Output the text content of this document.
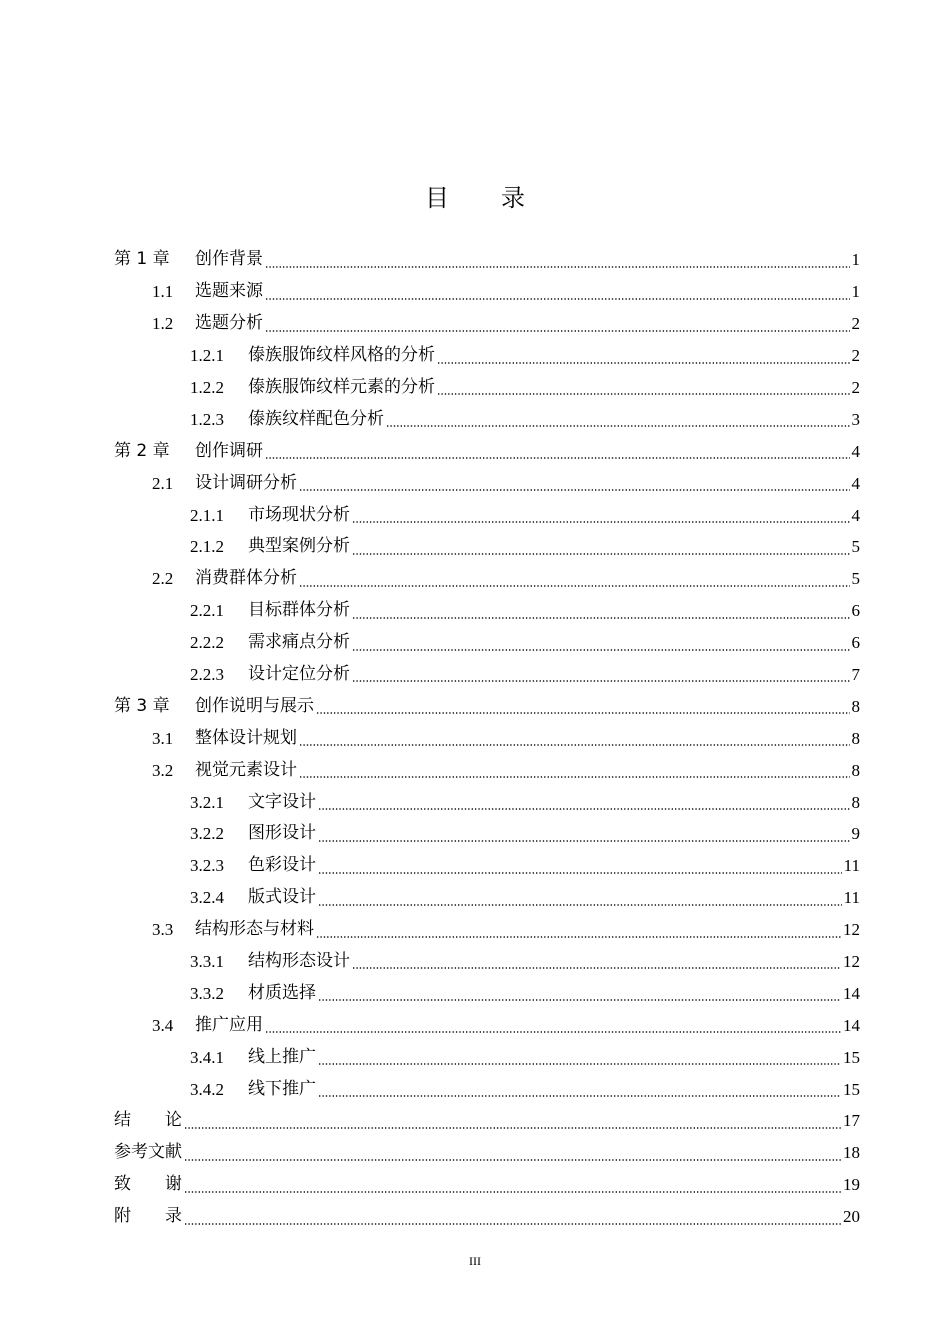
目 录
第 1 章	创作背景	1
1.1	选题来源	1
1.2	选题分析	2
1.2.1	傣族服饰纹样风格的分析	2
1.2.2	傣族服饰纹样元素的分析	2
1.2.3	傣族纹样配色分析	3
第 2 章	创作调研	4
2.1	设计调研分析	4
2.1.1	市场现状分析	4
2.1.2	典型案例分析	5
2.2	消费群体分析	5
2.2.1	目标群体分析	6
2.2.2	需求痛点分析	6
2.2.3	设计定位分析	7
第 3 章	创作说明与展示	8
3.1	整体设计规划	8
3.2	视觉元素设计	8
3.2.1	文字设计	8
3.2.2	图形设计	9
3.2.3	色彩设计	11
3.2.4	版式设计	11
3.3	结构形态与材料	12
3.3.1	结构形态设计	12
3.3.2	材质选择	14
3.4	推广应用	14
3.4.1	线上推广	15
3.4.2	线下推广	15
结　　论	17
参考文献	18
致　　谢	19
附　　录	20
III
